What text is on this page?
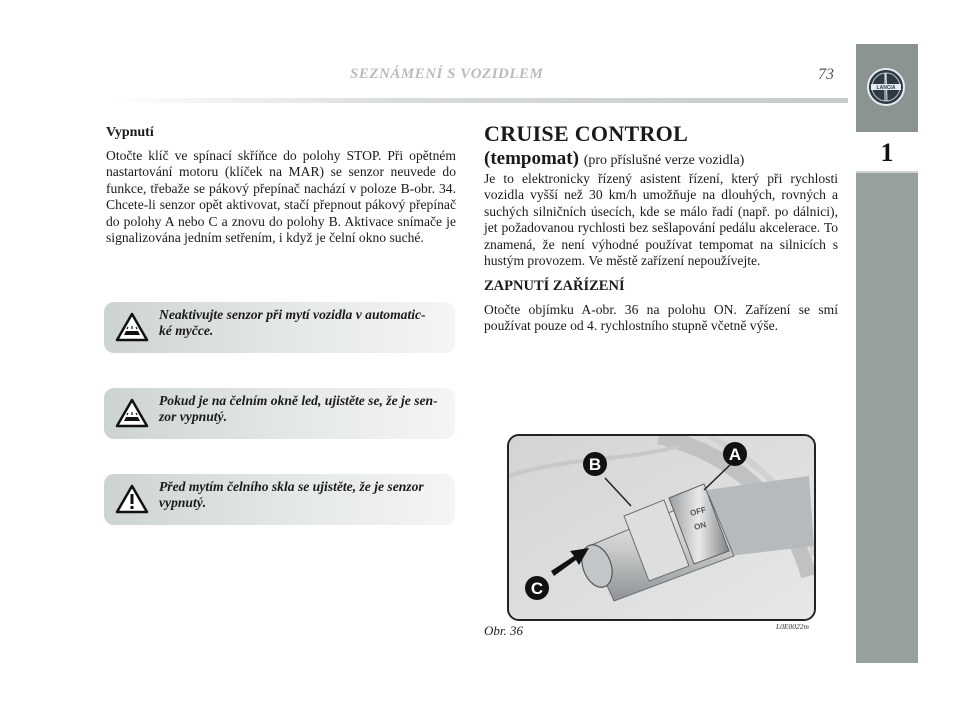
SEZNÁMENÍ S VOZIDLEM	73
LANCIA
1
Vypnutí
Otočte klíč ve spínací skříňce do polohy STOP. Při opětném nastartování motoru (klíček na MAR) se senzor neuvede do funkce, třebaže se pákový přepínač nachází v poloze B-obr. 34. Chcete-li senzor opět aktivovat, stačí přepnout pákový přepínač do polohy A nebo C a znovu do polohy B. Aktivace snímače je signalizována jedním setřením, i když je čelní okno suché.
Neaktivujte senzor při mytí vozidla v automatic-
ké myčce.
Pokud je na čelním okně led, ujistěte se, že je sen-
zor vypnutý.
Před mytím čelního skla se ujistěte, že je senzor
vypnutý.
CRUISE CONTROL
(tempomat) (pro příslušné verze vozidla)
Je to elektronicky řízený asistent řízení, který při rychlosti vozidla vyšší než 30 km/h umožňuje na dlouhých, rovných a suchých silničních úsecích, kde se málo řadí (např. po dálnici), jet požadovanou rychlosti bez sešlapování pedálu akcelerace. To znamená, že není výhodné používat tempomat na silnicích s hustým provozem. Ve městě zařízení nepoužívejte.
ZAPNUTÍ ZAŘÍZENÍ
Otočte objímku A-obr. 36 na polohu ON. Zařízení se smí používat pouze od 4. rychlostního stupně včetně výše.
OFF
ON
B
A
C
Obr. 36	L0E0022m
